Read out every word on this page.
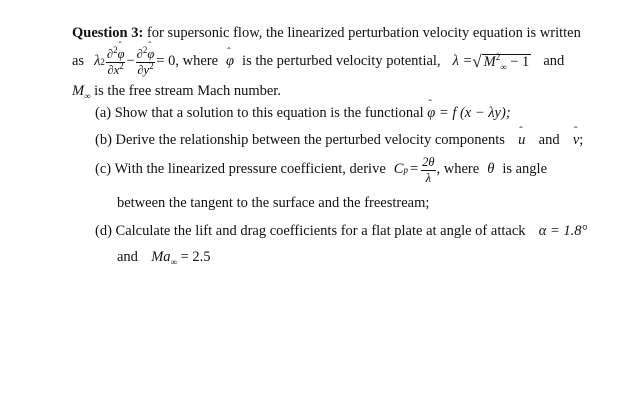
Question 3: for supersonic flow, the linearized perturbation velocity equation is written
as λ $2 \frac{\partial^2ˆ \varphi}{\partial x^2} - \frac{\partial^2ˆ \varphi}{\partial y^2} = 0$ , where ˆ φ is the perturbed velocity potential, λ = √ $M^2_\infty - 1$ and
$M_\infty$ is the free stream Mach number.
(a) Show that a solution to this equation is the functional ˆ φ = f (x − λy);
(b) Derive the relationship between the perturbed velocity components ˆ u and ˆ v;
(c) With the linearized pressure coefficient, derive C $p = \frac{2\theta}{\lambda}$ , where θ is angle
between the tangent to the surface and the freestream;
(d) Calculate the lift and drag coefficients for a flat plate at angle of attack α = 1.8°
and $Ma_\infty = 2.5$
